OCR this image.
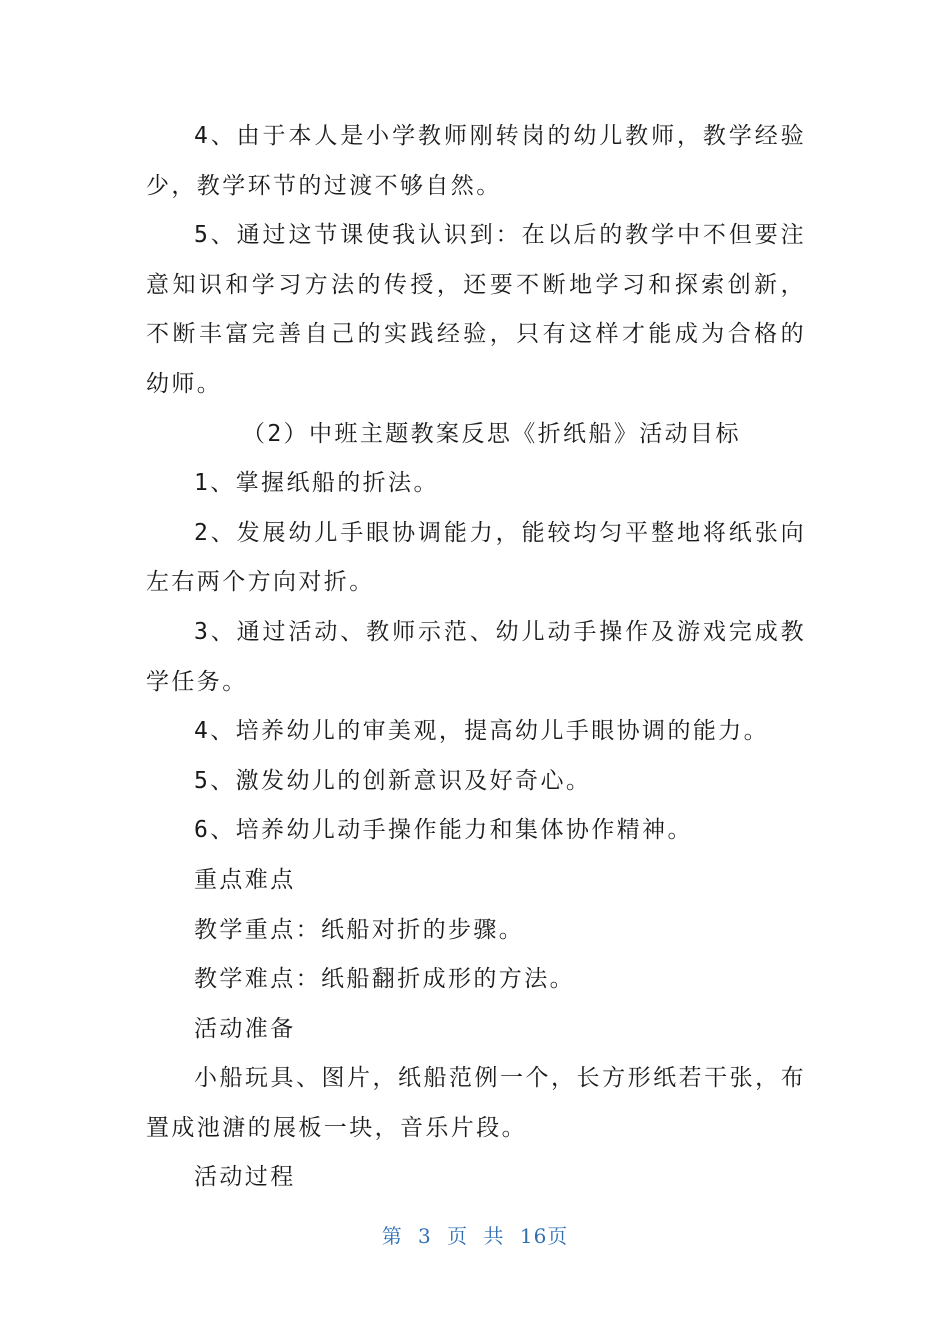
4、由于本人是小学教师刚转岗的幼儿教师，教学经验少，教学环节的过渡不够自然。

5、通过这节课使我认识到：在以后的教学中不但要注意知识和学习方法的传授，还要不断地学习和探索创新，不断丰富完善自己的实践经验，只有这样才能成为合格的幼师。

（2）中班主题教案反思《折纸船》活动目标

1、掌握纸船的折法。

2、发展幼儿手眼协调能力，能较均匀平整地将纸张向左右两个方向对折。

3、通过活动、教师示范、幼儿动手操作及游戏完成教学任务。

4、培养幼儿的审美观，提高幼儿手眼协调的能力。

5、激发幼儿的创新意识及好奇心。

6、培养幼儿动手操作能力和集体协作精神。

重点难点

教学重点：纸船对折的步骤。

教学难点：纸船翻折成形的方法。

活动准备

小船玩具、图片，纸船范例一个，长方形纸若干张，布置成池溏的展板一块，音乐片段。

活动过程

第 3 页 共 16页
